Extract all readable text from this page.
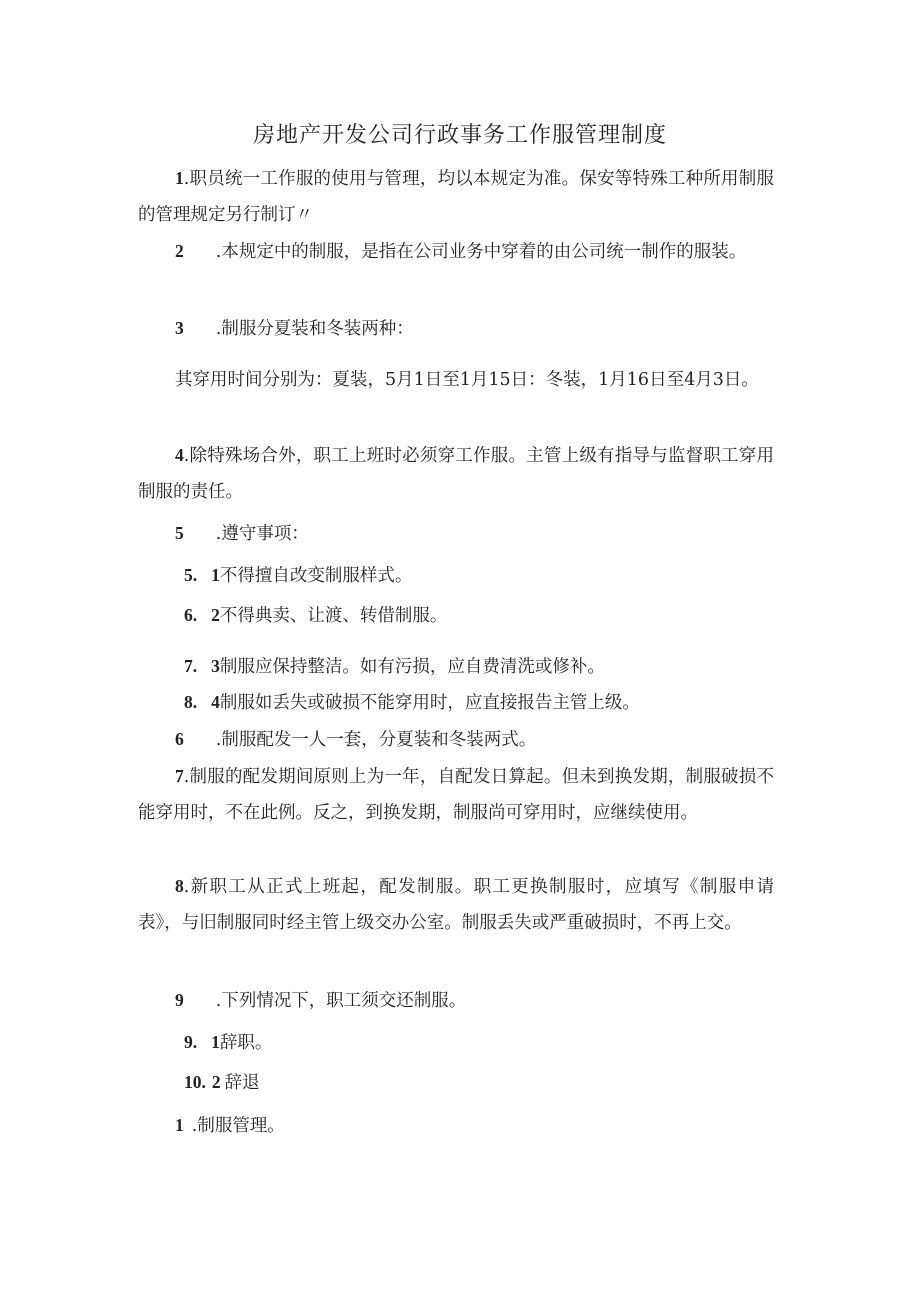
房地产开发公司行政事务工作服管理制度
1.职员统一工作服的使用与管理，均以本规定为准。保安等特殊工种所用制服的管理规定另行制订〃
2 .本规定中的制服，是指在公司业务中穿着的由公司统一制作的服装。
3 .制服分夏装和冬装两种：
其穿用时间分别为：夏装，5月1日至1月15日：冬装，1月16日至4月3日。
4.除特殊场合外，职工上班时必须穿工作服。主管上级有指导与监督职工穿用制服的责任。
5 .遵守事项：
5. 1不得擅自改变制服样式。
6. 2不得典卖、让渡、转借制服。
7. 3制服应保持整洁。如有污损，应自费清洗或修补。
8. 4制服如丢失或破损不能穿用时，应直接报告主管上级。
6 .制服配发一人一套，分夏装和冬装两式。
7.制服的配发期间原则上为一年，自配发日算起。但未到换发期，制服破损不能穿用时，不在此例。反之，到换发期，制服尚可穿用时，应继续使用。
8.新职工从正式上班起，配发制服。职工更换制服时，应填写《制服申请表》，与旧制服同时经主管上级交办公室。制服丢失或严重破损时，不再上交。
9 .下列情况下，职工须交还制服。
9. 1辞职。
10. 2 辞退
1 .制服管理。
